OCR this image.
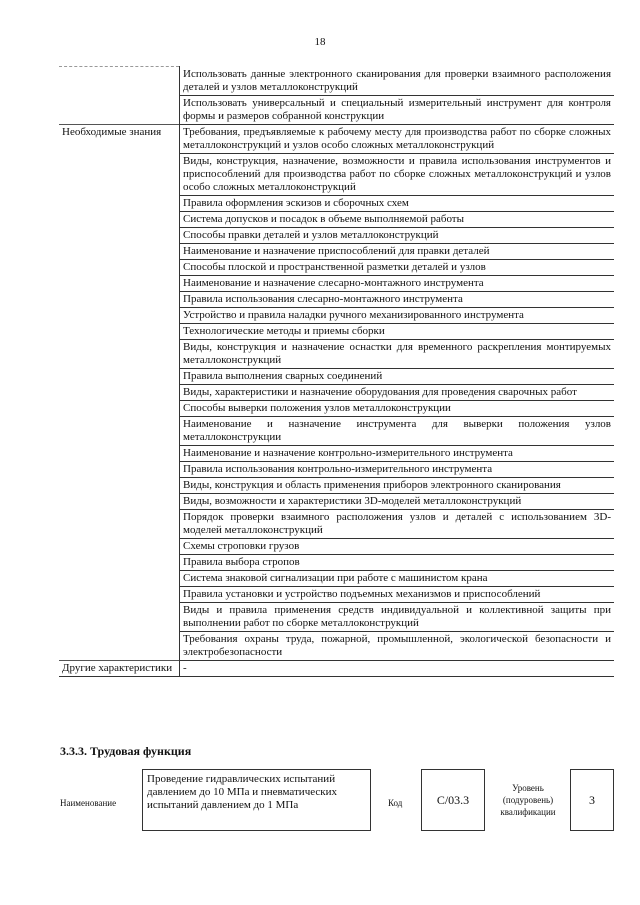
18
	Использовать данные электронного сканирования для проверки взаимного расположения деталей и узлов металлоконструкций
	Использовать универсальный и специальный измерительный инструмент для контроля формы и размеров собранной конструкции
Необходимые знания	Требования, предъявляемые к рабочему месту для производства работ по сборке сложных металлоконструкций и узлов особо сложных металлоконструкций
	Виды, конструкция, назначение, возможности и правила использования инструментов и приспособлений для производства работ по сборке сложных металлоконструкций и узлов особо сложных металлоконструкций
	Правила оформления эскизов и сборочных схем
	Система допусков и посадок в объеме выполняемой работы
	Способы правки деталей и узлов металлоконструкций
	Наименование и назначение приспособлений для правки деталей
	Способы плоской и пространственной разметки деталей и узлов
	Наименование и назначение слесарно-монтажного инструмента
	Правила использования слесарно-монтажного инструмента
	Устройство и правила наладки ручного механизированного инструмента
	Технологические методы и приемы сборки
	Виды, конструкция и назначение оснастки для временного раскрепления монтируемых металлоконструкций
	Правила выполнения сварных соединений
	Виды, характеристики и назначение оборудования для проведения сварочных работ
	Способы выверки положения узлов металлоконструкции
	Наименование и назначение инструмента для выверки положения узлов металлоконструкции
	Наименование и назначение контрольно-измерительного инструмента
	Правила использования контрольно-измерительного инструмента
	Виды, конструкция и область применения приборов электронного сканирования
	Виды, возможности и характеристики 3D-моделей металлоконструкций
	Порядок проверки взаимного расположения узлов и деталей с использованием 3D-моделей металлоконструкций
	Схемы строповки грузов
	Правила выбора стропов
	Система знаковой сигнализации при работе с машинистом крана
	Правила установки и устройство подъемных механизмов и приспособлений
	Виды и правила применения средств индивидуальной и коллективной защиты при выполнении работ по сборке металлоконструкций
	Требования охраны труда, пожарной, промышленной, экологической безопасности и электробезопасности
Другие характеристики	-
3.3.3. Трудовая функция
Наименование
Проведение гидравлических испытаний давлением до 10 МПа и пневматических испытаний давлением до 1 МПа	Код	C/03.3
Уровень (подуровень) квалификации
3
